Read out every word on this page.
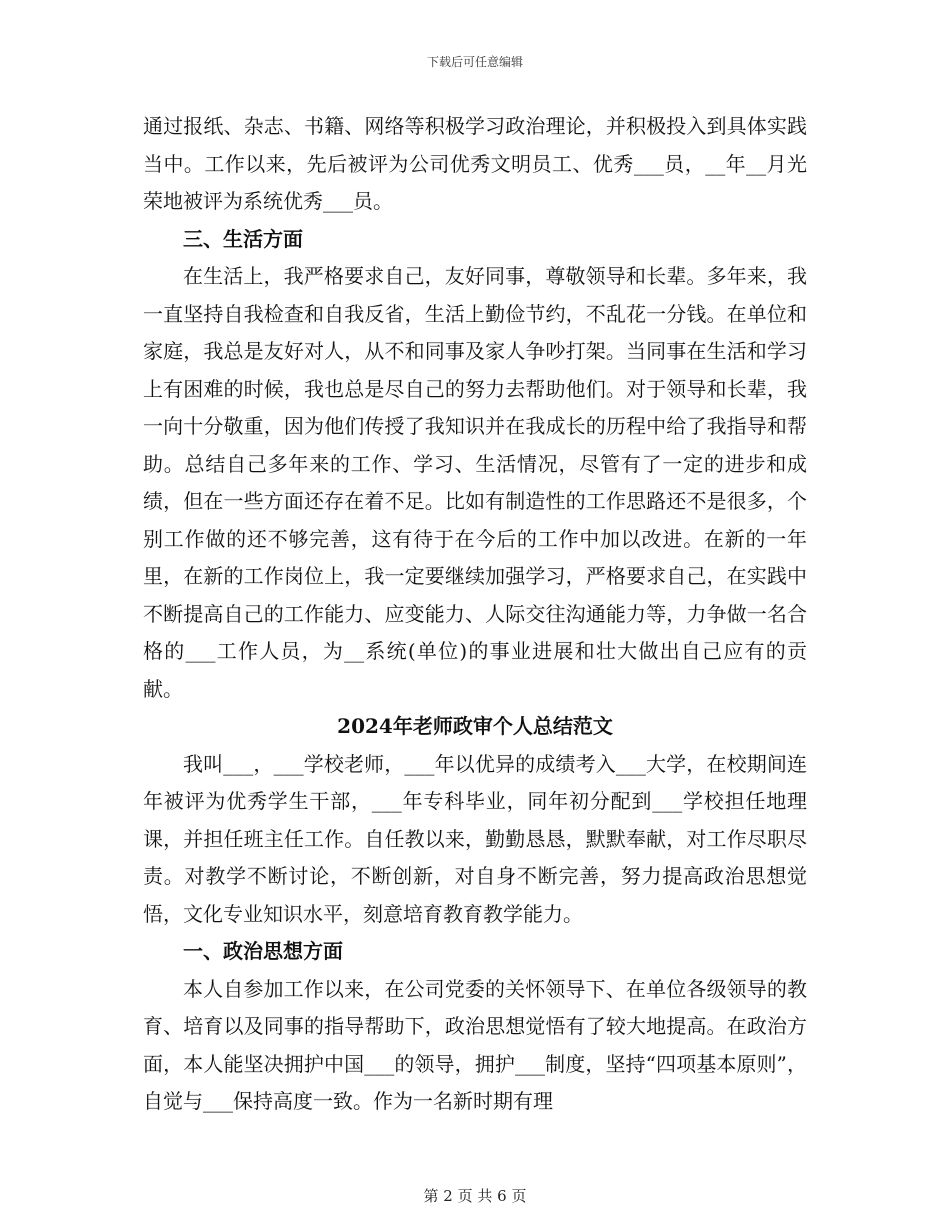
下载后可任意编辑

通过报纸、杂志、书籍、网络等积极学习政治理论，并积极投入到具体实践当中。工作以来，先后被评为公司优秀文明员工、优秀___员，__年__月光荣地被评为系统优秀___员。

三、生活方面

在生活上，我严格要求自己，友好同事，尊敬领导和长辈。多年来，我一直坚持自我检查和自我反省，生活上勤俭节约，不乱花一分钱。在单位和家庭，我总是友好对人，从不和同事及家人争吵打架。当同事在生活和学习上有困难的时候，我也总是尽自己的努力去帮助他们。对于领导和长辈，我一向十分敬重，因为他们传授了我知识并在我成长的历程中给了我指导和帮助。总结自己多年来的工作、学习、生活情况，尽管有了一定的进步和成绩，但在一些方面还存在着不足。比如有制造性的工作思路还不是很多，个别工作做的还不够完善，这有待于在今后的工作中加以改进。在新的一年里，在新的工作岗位上，我一定要继续加强学习，严格要求自己，在实践中不断提高自己的工作能力、应变能力、人际交往沟通能力等，力争做一名合格的___工作人员，为__系统(单位)的事业进展和壮大做出自己应有的贡献。

2024年老师政审个人总结范文

我叫___，___学校老师，___年以优异的成绩考入___大学，在校期间连年被评为优秀学生干部，___年专科毕业，同年初分配到___学校担任地理课，并担任班主任工作。自任教以来，勤勤恳恳，默默奉献，对工作尽职尽责。对教学不断讨论，不断创新，对自身不断完善，努力提高政治思想觉悟，文化专业知识水平，刻意培育教育教学能力。

一、政治思想方面

本人自参加工作以来，在公司党委的关怀领导下、在单位各级领导的教育、培育以及同事的指导帮助下，政治思想觉悟有了较大地提高。在政治方面，本人能坚决拥护中国___的领导，拥护___制度，坚持“四项基本原则”，自觉与___保持高度一致。作为一名新时期有理

第 2 页 共 6 页
